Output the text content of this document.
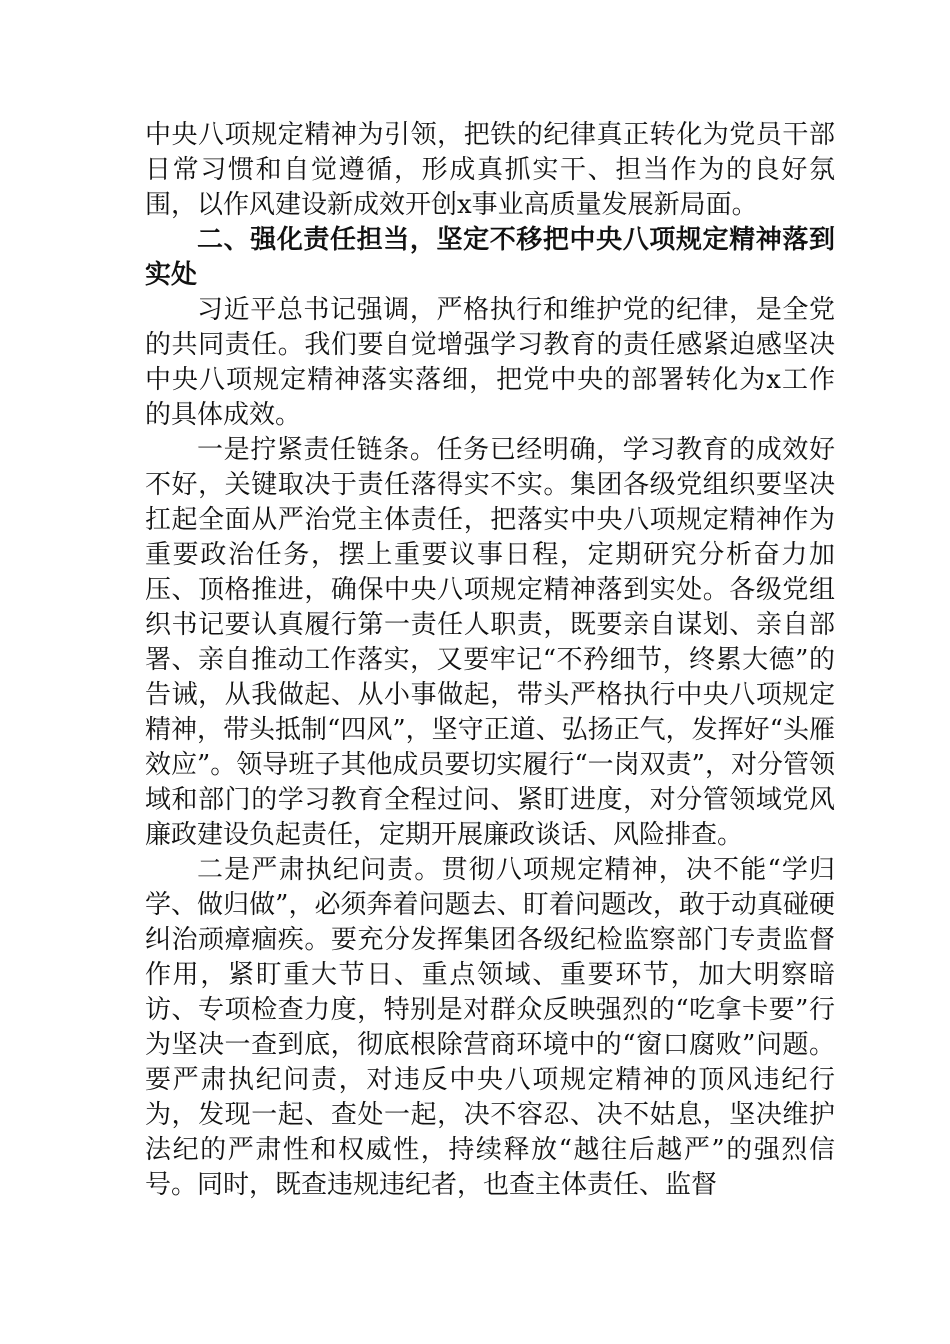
中央八项规定精神为引领，把铁的纪律真正转化为党员干部日常习惯和自觉遵循，形成真抓实干、担当作为的良好氛围，以作风建设新成效开创x事业高质量发展新局面。

二、强化责任担当，坚定不移把中央八项规定精神落到实处

习近平总书记强调，严格执行和维护党的纪律，是全党的共同责任。我们要自觉增强学习教育的责任感紧迫感坚决中央八项规定精神落实落细，把党中央的部署转化为x工作的具体成效。

一是拧紧责任链条。任务已经明确，学习教育的成效好不好，关键取决于责任落得实不实。集团各级党组织要坚决扛起全面从严治党主体责任，把落实中央八项规定精神作为重要政治任务，摆上重要议事日程，定期研究分析奋力加压、顶格推进，确保中央八项规定精神落到实处。各级党组织书记要认真履行第一责任人职责，既要亲自谋划、亲自部署、亲自推动工作落实，又要牢记“不矜细节，终累大德”的告诫，从我做起、从小事做起，带头严格执行中央八项规定精神，带头抵制“四风”，坚守正道、弘扬正气，发挥好“头雁效应”。领导班子其他成员要切实履行“一岗双责”，对分管领域和部门的学习教育全程过问、紧盯进度，对分管领域党风廉政建设负起责任，定期开展廉政谈话、风险排查。

二是严肃执纪问责。贯彻八项规定精神，决不能“学归学、做归做”，必须奔着问题去、盯着问题改，敢于动真碰硬纠治顽瘴痼疾。要充分发挥集团各级纪检监察部门专责监督作用，紧盯重大节日、重点领域、重要环节，加大明察暗访、专项检查力度，特别是对群众反映强烈的“吃拿卡要”行为坚决一查到底，彻底根除营商环境中的“窗口腐败”问题。要严肃执纪问责，对违反中央八项规定精神的顶风违纪行为，发现一起、查处一起，决不容忍、决不姑息，坚决维护法纪的严肃性和权威性，持续释放“越往后越严”的强烈信号。同时，既查违规违纪者，也查主体责任、监督
